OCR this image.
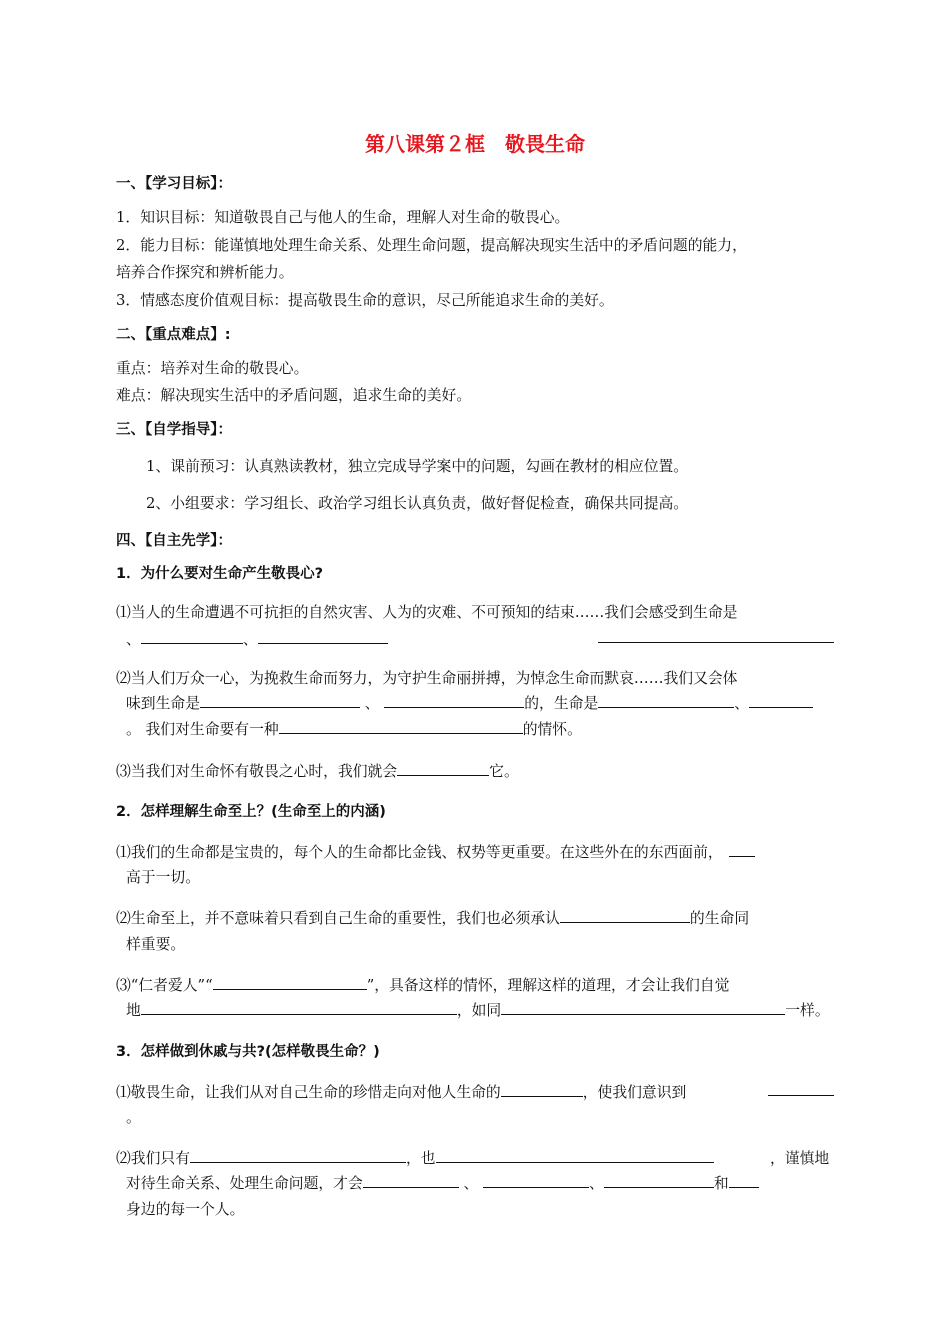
第八课第２框　敬畏生命
一、【学习目标】：
1．知识目标：知道敬畏自己与他人的生命，理解人对生命的敬畏心。
2．能力目标：能谨慎地处理生命关系、处理生命问题，提高解决现实生活中的矛盾问题的能力，
培养合作探究和辨析能力。
3．情感态度价值观目标：提高敬畏生命的意识，尽己所能追求生命的美好。
二、【重点难点】:
重点：培养对生命的敬畏心。
难点：解决现实生活中的矛盾问题，追求生命的美好。
三、【自学指导】：
1、课前预习：认真熟读教材，独立完成导学案中的问题，勾画在教材的相应位置。
2、小组要求：学习组长、政治学习组长认真负责，做好督促检查，确保共同提高。
四、【自主先学】：
1．为什么要对生命产生敬畏心?
⑴当人的生命遭遇不可抗拒的自然灾害、人为的灾难、不可预知的结束……我们会感受到生命是
、	、
⑵当人们万众一心，为挽救生命而努力，为守护生命丽拼搏，为悼念生命而默哀……我们又会体
味到生命是	、	的，生命是	、
。 我们对生命要有一种	的情怀。
⑶当我们对生命怀有敬畏之心时，我们就会	它。
2．怎样理解生命至上？(生命至上的内涵)
⑴我们的生命都是宝贵的，每个人的生命都比金钱、权势等更重要。在这些外在的东西面前，
高于一切。
⑵生命至上，并不意味着只看到自己生命的重要性，我们也必须承认	的生命同
样重要。
⑶“仁者爱人”“	”，具备这样的情怀，理解这样的道理，才会让我们自觉
地	，如同	一样。
3．怎样做到休戚与共?(怎样敬畏生命？)
⑴敬畏生命，让我们从对自己生命的珍惜走向对他人生命的	，使我们意识到
。
⑵我们只有	，也	，谨慎地
对待生命关系、处理生命问题，才会	、	、	和
身边的每一个人。
